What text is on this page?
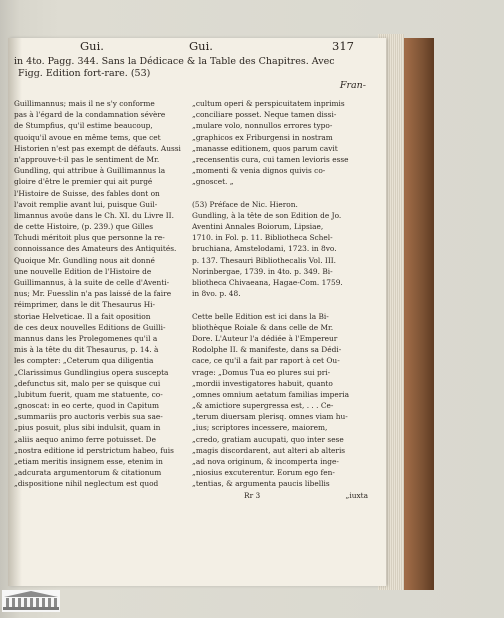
Gui.	Gui.	317
in 4to. Pagg. 344. Sans la Dédicace & la Table des Chapitres. Avec
Figg. Edition fort-rare. (53)
Fran-
Guillimannus; mais il ne s'y conforme
pas à l'égard de la condamnation sévère
de Stumpfius, qu'il estime beaucoup,
quoiqu'il avoue en même tems, que cet
Historien n'est pas exempt de défauts. Aussi
n'approuve-t-il pas le sentiment de Mr.
Gundling, qui attribue à Guillimannus la
gloire d'être le premier qui ait purgé
l'Histoire de Suisse, des fables dont on
l'avoit remplie avant lui, puisque Guil-
limannus avoüe dans le Ch. XI. du Livre II.
de cette Histoire, (p. 239.) que Gilles
Tchudi méritoit plus que personne la re-
connoissance des Amateurs des Antiquités.
Quoique Mr. Gundling nous ait donné
une nouvelle Edition de l'Histoire de
Guillimannus, à la suite de celle d'Aventi-
nus; Mr. Fuesslin n'a pas laissé de la faire
réimprimer, dans le dit Thesaurus Hi-
storiae Helveticae. Il a fait oposition
de ces deux nouvelles Editions de Guilli-
mannus dans les Prolegomenes qu'il a
mis à la tête du dit Thesaurus, p. 14. à
les compter: „Ceterum qua diligentia
„Clarissimus Gundlingius opera suscepta
„defunctus sit, malo per se quisque cui
„lubitum fuerit, quam me statuente, co-
„gnoscat: in eo certe, quod in Capitum
„summariis pro auctoris verbis sua sae-
„pius posuit, plus sibi indulsit, quam in
„aliis aequo animo ferre potuisset. De
„nostra editione id perstrictum habeo, fuis
„etiam meritis insignem esse, etenim in
„adcurata argumentorum & citationum
„dispositione nihil neglectum est quod
„cultum operi & perspicuitatem inprimis
„conciliare posset. Neque tamen dissi-
„mulare volo, nonnullos errores typo-
„graphicos ex Friburgensi in nostram
„manasse editionem, quos parum cavit
„recensentis cura, cui tamen levioris esse
„momenti & venia dignos quivis co-
„gnoscet. „
(53) Préface de Nic. Hieron.
Gundling, à la tête de son Edition de Jo.
Aventini Annales Boiorum, Lipsiae,
1710. in Fol. p. 11. Bibliotheca Schel-
bruchiana, Amstelodami, 1723. in 8vo.
p. 137. Thesauri Bibliothecalis Vol. III.
Norinbergae, 1739. in 4to. p. 349. Bi-
bliotheca Chivaeana, Hagae-Com. 1759.
in 8vo. p. 48.
Cette belle Edition est ici dans la Bi-
bliothèque Roiale & dans celle de Mr.
Dore. L'Auteur l'a dédiée à l'Empereur
Rodolphe II. & manifeste, dans sa Dédi-
cace, ce qu'il a fait par raport à cet Ou-
vrage: „Domus Tua eo plures sui pri-
„mordii investigatores habuit, quanto
„omnes omnium aetatum familias imperia
„& amictiore supergressa est, . . . Ce-
„terum diuersam plerisq. omnes viam hu-
„ius; scriptores incessere, maiorem,
„credo, gratiam aucupati, quo inter sese
„magis discordarent, aut alteri ab alteris
„ad nova originum, & incomperta inge-
„niosius excuterentur. Eorum ego fen-
„tentias, & argumenta paucis libellis
Rr 3	„iuxta
